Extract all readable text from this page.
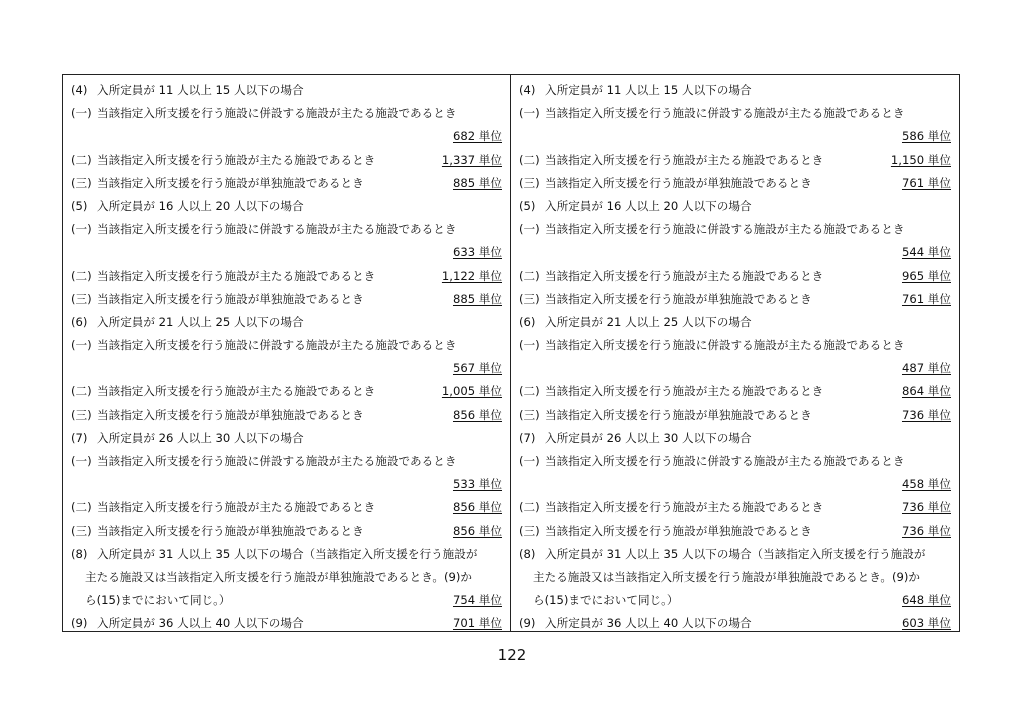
(4) 入所定員が 11 人以上 15 人以下の場合
(一) 当該指定入所支援を行う施設に併設する施設が主たる施設であるとき
682 単位
(二) 当該指定入所支援を行う施設が主たる施設であるとき	1,337 単位
(三) 当該指定入所支援を行う施設が単独施設であるとき	885 単位
(5) 入所定員が 16 人以上 20 人以下の場合
(一) 当該指定入所支援を行う施設に併設する施設が主たる施設であるとき
633 単位
(二) 当該指定入所支援を行う施設が主たる施設であるとき	1,122 単位
(三) 当該指定入所支援を行う施設が単独施設であるとき	885 単位
(6) 入所定員が 21 人以上 25 人以下の場合
(一) 当該指定入所支援を行う施設に併設する施設が主たる施設であるとき
567 単位
(二) 当該指定入所支援を行う施設が主たる施設であるとき	1,005 単位
(三) 当該指定入所支援を行う施設が単独施設であるとき	856 単位
(7) 入所定員が 26 人以上 30 人以下の場合
(一) 当該指定入所支援を行う施設に併設する施設が主たる施設であるとき
533 単位
(二) 当該指定入所支援を行う施設が主たる施設であるとき	856 単位
(三) 当該指定入所支援を行う施設が単独施設であるとき	856 単位
(8) 入所定員が 31 人以上 35 人以下の場合（当該指定入所支援を行う施設が
主たる施設又は当該指定入所支援を行う施設が単独施設であるとき。(9)か
ら(15)までにおいて同じ。）	754 単位
(9) 入所定員が 36 人以上 40 人以下の場合	701 単位
(4) 入所定員が 11 人以上 15 人以下の場合
(一) 当該指定入所支援を行う施設に併設する施設が主たる施設であるとき
586 単位
(二) 当該指定入所支援を行う施設が主たる施設であるとき	1,150 単位
(三) 当該指定入所支援を行う施設が単独施設であるとき	761 単位
(5) 入所定員が 16 人以上 20 人以下の場合
(一) 当該指定入所支援を行う施設に併設する施設が主たる施設であるとき
544 単位
(二) 当該指定入所支援を行う施設が主たる施設であるとき	965 単位
(三) 当該指定入所支援を行う施設が単独施設であるとき	761 単位
(6) 入所定員が 21 人以上 25 人以下の場合
(一) 当該指定入所支援を行う施設に併設する施設が主たる施設であるとき
487 単位
(二) 当該指定入所支援を行う施設が主たる施設であるとき	864 単位
(三) 当該指定入所支援を行う施設が単独施設であるとき	736 単位
(7) 入所定員が 26 人以上 30 人以下の場合
(一) 当該指定入所支援を行う施設に併設する施設が主たる施設であるとき
458 単位
(二) 当該指定入所支援を行う施設が主たる施設であるとき	736 単位
(三) 当該指定入所支援を行う施設が単独施設であるとき	736 単位
(8) 入所定員が 31 人以上 35 人以下の場合（当該指定入所支援を行う施設が
主たる施設又は当該指定入所支援を行う施設が単独施設であるとき。(9)か
ら(15)までにおいて同じ。）	648 単位
(9) 入所定員が 36 人以上 40 人以下の場合	603 単位
122
